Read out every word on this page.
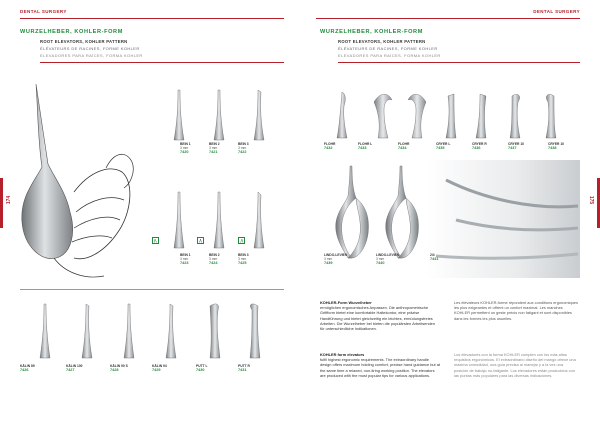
DENTAL SURGERY
WURZELHEBER, KOHLER-FORM
ROOT ELEVATORS, KOHLER PATTERN
ÉLÉVATEURS DE RACINES, FORME KOHLER
ELEVADORES PARA RAÍCES, FORMA KOHLER
174
BEIN 1
3 mm
7420
BEIN 2
3 mm
7421
BEIN 3
3 mm
7422
BEIN 1
3 mm
7423
BEIN 2
3 mm
7424
BEIN 3
3 mm
7425
KÄLIN 89
7426
KÄLIN 100
7427
KÄLIN 90 S
7428
KÄLIN 94
7429
PUTT L
7430
PUTT R
7431
DENTAL SURGERY
WURZELHEBER, KOHLER-FORM
ROOT ELEVATORS, KOHLER PATTERN
ÉLÉVATEURS DE RACINES, FORME KOHLER
ELEVADORES PARA RAÍCES, FORMA KOHLER
175
FLOHR
7432
FLOHR L
7433
FLOHR
7434
CRYER L
7435
CRYER R
7436
CRYER 10
7437
CRYER 10
7438
LINDO-LEVIEN
3 mm
7439
LINDO-LEVIEN
3 mm
7440
2/4
7441
KOHLER-Form Wurzelheber
ermöglichen ergonomisches Anpassen. Die anthropometrische Griffform bietet eine komfortable Haltekontur, eine präzise Handführung und bietet gleichzeitig ein leichtes, ermüdungsfreies Arbeiten. Die Wurzelheber bei bieten die populärsten Arbeitsenden für unterschiedliche Indikationen.
KOHLER form elevators
fulfil highest ergonomic requirements. The extraordinary handle design offers maximum holding comfort, precise hand guidance but at the same time a relaxed, non-tiring working position. The elevators are produced with the most popular tips for various applications.
Les élévateurs KOHLER-forme répondent aux conditions ergonomiques les plus exigeantes et offrent un confort maximal. Les manches KOHLER permettent un geste précis non fatigant et sont disponibles dans les formes les plus usuelles.
Los elevadores con la forma KOHLER cumplen con los más altos requisitos ergonómicos. El extraordinario diseño del mango ofrece una máxima comodidad, una guía precisa al manejar y a la vez una posición de trabajo no-fatigante. Los elevadores están producidos con las puntas más populares para las diversas indicaciones.
